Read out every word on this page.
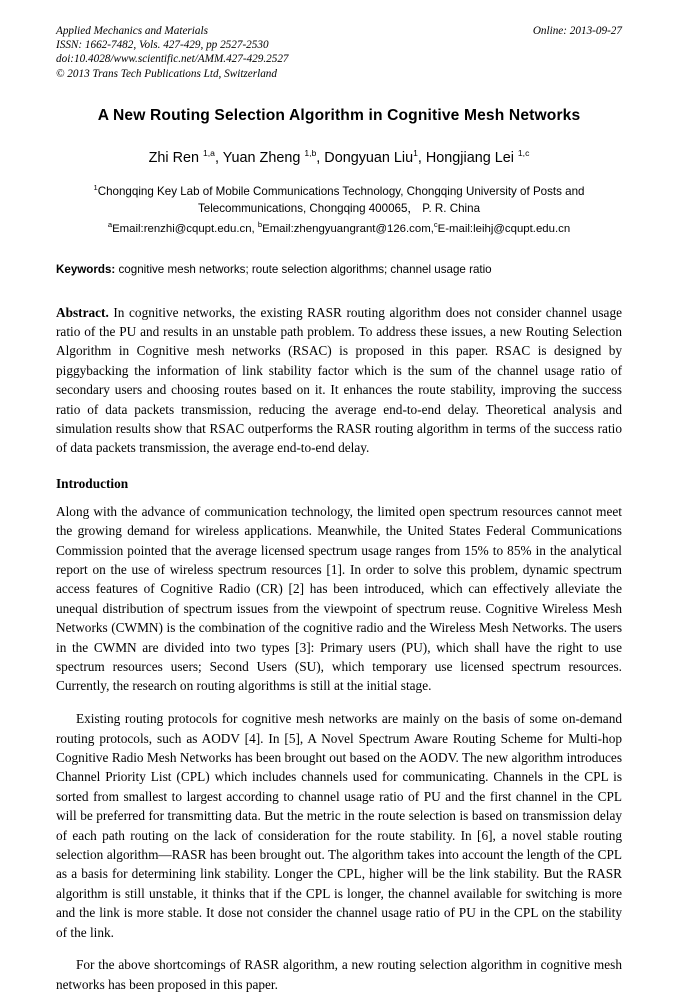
Applied Mechanics and Materials
ISSN: 1662-7482, Vols. 427-429, pp 2527-2530
doi:10.4028/www.scientific.net/AMM.427-429.2527
© 2013 Trans Tech Publications Ltd, Switzerland
Online: 2013-09-27
A New Routing Selection Algorithm in Cognitive Mesh Networks
Zhi Ren $^{1,a}$, Yuan Zheng $^{1,b}$, Dongyuan Liu$^1$, Hongjiang Lei $^{1,c}$
$^1$Chongqing Key Lab of Mobile Communications Technology, Chongqing University of Posts and Telecommunications, Chongqing 400065， P. R. China
$^a$Email:renzhi@cqupt.edu.cn, $^b$Email:zhengyuangrant@126.com,$^c$E-mail:leihj@cqupt.edu.cn
Keywords: cognitive mesh networks; route selection algorithms; channel usage ratio
Abstract. In cognitive networks, the existing RASR routing algorithm does not consider channel usage ratio of the PU and results in an unstable path problem. To address these issues, a new Routing Selection Algorithm in Cognitive mesh networks (RSAC) is proposed in this paper. RSAC is designed by piggybacking the information of link stability factor which is the sum of the channel usage ratio of secondary users and choosing routes based on it. It enhances the route stability, improving the success ratio of data packets transmission, reducing the average end-to-end delay. Theoretical analysis and simulation results show that RSAC outperforms the RASR routing algorithm in terms of the success ratio of data packets transmission, the average end-to-end delay.
Introduction

Along with the advance of communication technology, the limited open spectrum resources cannot meet the growing demand for wireless applications. Meanwhile, the United States Federal Communications Commission pointed that the average licensed spectrum usage ranges from 15% to 85% in the analytical report on the use of wireless spectrum resources [1]. In order to solve this problem, dynamic spectrum access features of Cognitive Radio (CR) [2] has been introduced, which can effectively alleviate the unequal distribution of spectrum issues from the viewpoint of spectrum reuse. Cognitive Wireless Mesh Networks (CWMN) is the combination of the cognitive radio and the Wireless Mesh Networks. The users in the CWMN are divided into two types [3]: Primary users (PU), which shall have the right to use spectrum resources users; Second Users (SU), which temporary use licensed spectrum resources. Currently, the research on routing algorithms is still at the initial stage.

Existing routing protocols for cognitive mesh networks are mainly on the basis of some on-demand routing protocols, such as AODV [4]. In [5], A Novel Spectrum Aware Routing Scheme for Multi-hop Cognitive Radio Mesh Networks has been brought out based on the AODV. The new algorithm introduces Channel Priority List (CPL) which includes channels used for communicating. Channels in the CPL is sorted from smallest to largest according to channel usage ratio of PU and the first channel in the CPL will be preferred for transmitting data. But the metric in the route selection is based on transmission delay of each path routing on the lack of consideration for the route stability. In [6], a novel stable routing selection algorithm—RASR has been brought out. The algorithm takes into account the length of the CPL as a basis for determining link stability. Longer the CPL, higher will be the link stability. But the RASR algorithm is still unstable, it thinks that if the CPL is longer, the channel available for switching is more and the link is more stable. It dose not consider the channel usage ratio of PU in the CPL on the stability of the link.

For the above shortcomings of RASR algorithm, a new routing selection algorithm in cognitive mesh networks has been proposed in this paper.
